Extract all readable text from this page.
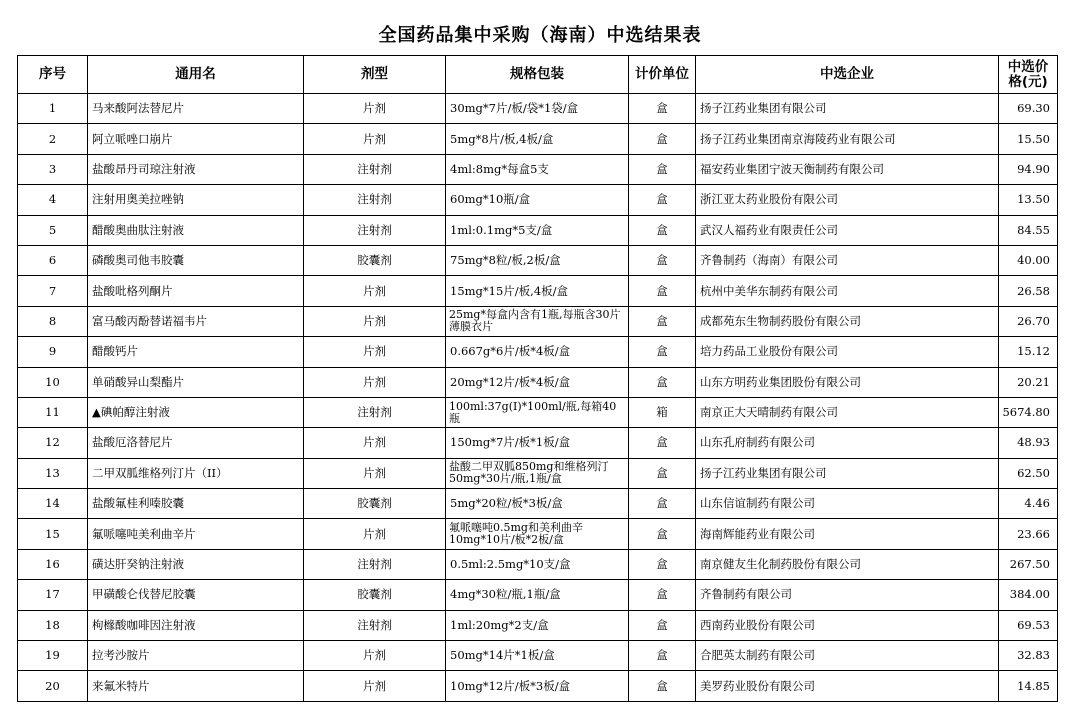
全国药品集中采购（海南）中选结果表
序号	通用名	剂型	规格包装	计价单位	中选企业	中选价格(元)
1	马来酸阿法替尼片	片剂	30mg*7片/板/袋*1袋/盒	盒	扬子江药业集团有限公司	69.30
2	阿立哌唑口崩片	片剂	5mg*8片/板,4板/盒	盒	扬子江药业集团南京海陵药业有限公司	15.50
3	盐酸昂丹司琼注射液	注射剂	4ml:8mg*每盒5支	盒	福安药业集团宁波天衡制药有限公司	94.90
4	注射用奥美拉唑钠	注射剂	60mg*10瓶/盒	盒	浙江亚太药业股份有限公司	13.50
5	醋酸奥曲肽注射液	注射剂	1ml:0.1mg*5支/盒	盒	武汉人福药业有限责任公司	84.55
6	磷酸奥司他韦胶囊	胶囊剂	75mg*8粒/板,2板/盒	盒	齐鲁制药（海南）有限公司	40.00
7	盐酸吡格列酮片	片剂	15mg*15片/板,4板/盒	盒	杭州中美华东制药有限公司	26.58
8	富马酸丙酚替诺福韦片	片剂	25mg*每盒内含有1瓶,每瓶含30片薄膜衣片	盒	成都苑东生物制药股份有限公司	26.70
9	醋酸钙片	片剂	0.667g*6片/板*4板/盒	盒	培力药品工业股份有限公司	15.12
10	单硝酸异山梨酯片	片剂	20mg*12片/板*4板/盒	盒	山东方明药业集团股份有限公司	20.21
11	▲碘帕醇注射液	注射剂	100ml:37g(I)*100ml/瓶,每箱40瓶	箱	南京正大天晴制药有限公司	5674.80
12	盐酸厄洛替尼片	片剂	150mg*7片/板*1板/盒	盒	山东孔府制药有限公司	48.93
13	二甲双胍维格列汀片（II）	片剂	盐酸二甲双胍850mg和维格列汀50mg*30片/瓶,1瓶/盒	盒	扬子江药业集团有限公司	62.50
14	盐酸氟桂利嗪胶囊	胶囊剂	5mg*20粒/板*3板/盒	盒	山东信谊制药有限公司	4.46
15	氟哌噻吨美利曲辛片	片剂	氟哌噻吨0.5mg和美利曲辛10mg*10片/板*2板/盒	盒	海南辉能药业有限公司	23.66
16	磺达肝癸钠注射液	注射剂	0.5ml:2.5mg*10支/盒	盒	南京健友生化制药股份有限公司	267.50
17	甲磺酸仑伐替尼胶囊	胶囊剂	4mg*30粒/瓶,1瓶/盒	盒	齐鲁制药有限公司	384.00
18	枸橼酸咖啡因注射液	注射剂	1ml:20mg*2支/盒	盒	西南药业股份有限公司	69.53
19	拉考沙胺片	片剂	50mg*14片*1板/盒	盒	合肥英太制药有限公司	32.83
20	来氟米特片	片剂	10mg*12片/板*3板/盒	盒	美罗药业股份有限公司	14.85
